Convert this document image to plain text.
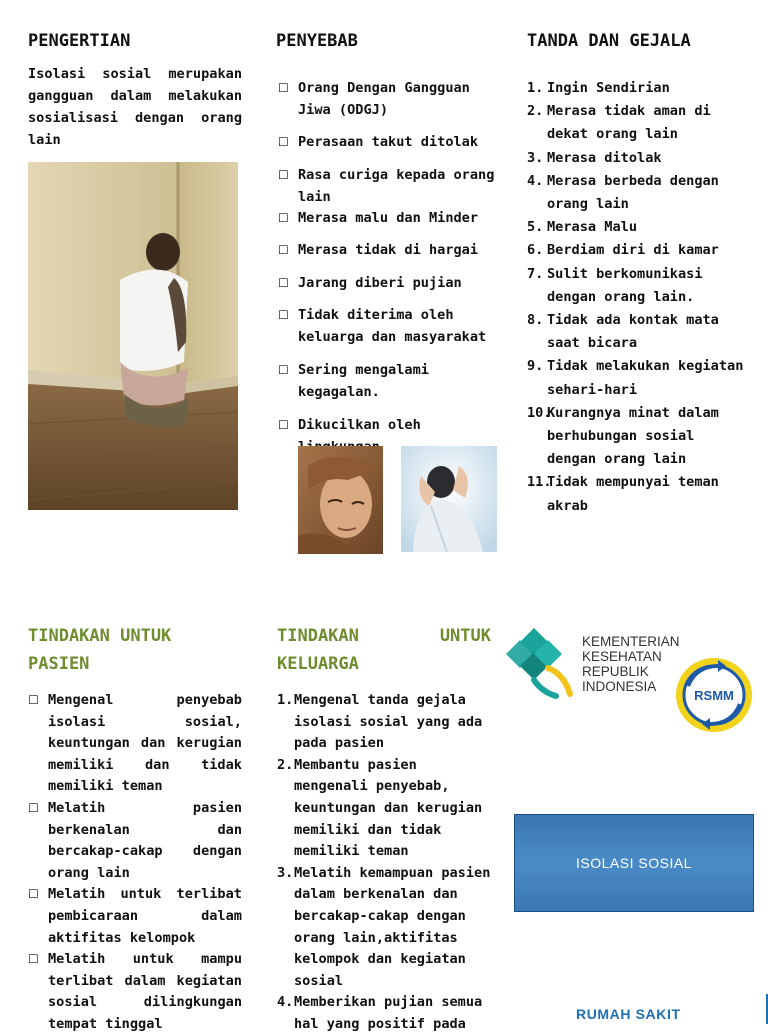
PENGERTIAN

Isolasi sosial merupakan gangguan dalam melakukan sosialisasi dengan orang lain

PENYEBAB
☐ Orang Dengan Gangguan Jiwa (ODGJ)
☐ Perasaan takut ditolak
☐ Rasa curiga kepada orang lain
☐ Merasa malu dan Minder
☐ Merasa tidak di hargai
☐ Jarang diberi pujian
☐ Tidak diterima oleh keluarga dan masyarakat
☐ Sering mengalami kegagalan.
☐ Dikucilkan oleh
TANDA DAN GEJALA
1. Ingin Sendirian
2. Merasa tidak aman di dekat orang lain
3. Merasa ditolak
4. Merasa berbeda dengan orang lain
5. Merasa Malu
6. Berdiam diri di kamar
7. Sulit berkomunikasi dengan orang lain.
8. Tidak ada kontak mata saat bicara
9. Tidak melakukan kegiatan sehari-hari
10.
Kurangnya minat dalam berhubungan sosial dengan orang lain
11.
Tidak mempunyai teman akrab
TINDAKAN UNTUK
PASIEN
☐ Mengenal penyebab isolasi sosial, keuntungan dan kerugian memiliki dan tidak memiliki teman
☐ Melatih pasien berkenalan dan bercakap-cakap dengan orang lain
☐ Melatih untuk terlibat pembicaraan dalam aktifitas kelompok
☐ Melatih untuk mampu terlibat dalam kegiatan sosial dilingkungan tempat tinggal
TINDAKAN	UNTUK
KELUARGA
1. Mengenal tanda gejala isolasi sosial yang ada pada pasien
2. Membantu pasien mengenali penyebab, keuntungan dan kerugian memiliki dan tidak memiliki teman
3. Melatih kemampuan pasien dalam berkenalan dan bercakap-cakap dengan orang lain,aktifitas kelompok dan kegiatan sosial
4. Memberikan pujian semua hal yang positif pada
KEMENTERIAN
KESEHATAN
REPUBLIK
INDONESIA
RSMM
ISOLASI SOSIAL
RUMAH SAKIT
